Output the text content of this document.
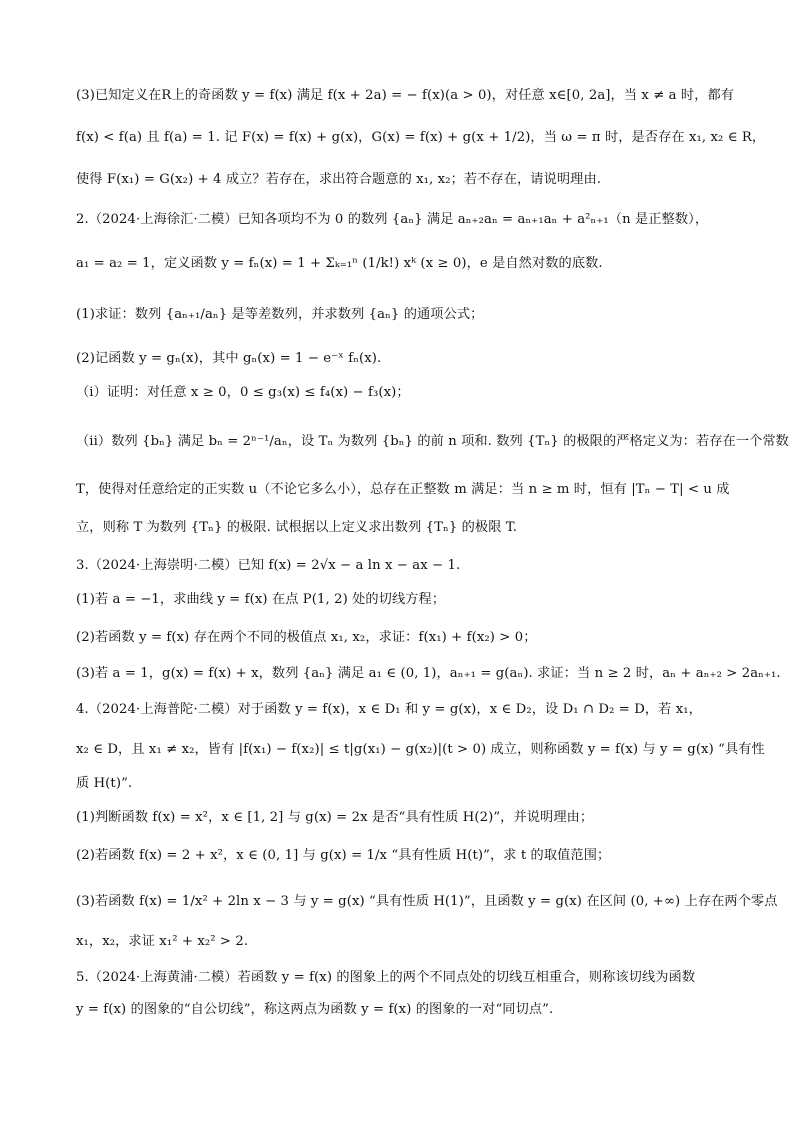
(3)已知定义在R上的奇函数 y = f(x) 满足 f(x + 2a) = − f(x)(a > 0)，对任意 x∈[0, 2a]，当 x ≠ a 时，都有
f(x) < f(a) 且 f(a) = 1. 记 F(x) = f(x) + g(x)，G(x) = f(x) + g(x + 1/2)，当 ω = π 时，是否存在 x₁, x₂ ∈ R，
使得 F(x₁) = G(x₂) + 4 成立？若存在，求出符合题意的 x₁, x₂；若不存在，请说明理由.
2.（2024·上海徐汇·二模）已知各项均不为 0 的数列 {aₙ} 满足 aₙ₊₂aₙ = aₙ₊₁aₙ + a²ₙ₊₁（n 是正整数），
a₁ = a₂ = 1，定义函数 y = fₙ(x) = 1 + Σₖ₌₁ⁿ (1/k!) xᵏ (x ≥ 0)，e 是自然对数的底数.
(1)求证：数列 {aₙ₊₁/aₙ} 是等差数列，并求数列 {aₙ} 的通项公式；
(2)记函数 y = gₙ(x)，其中 gₙ(x) = 1 − e⁻ˣ fₙ(x).
（i）证明：对任意 x ≥ 0，0 ≤ g₃(x) ≤ f₄(x) − f₃(x)；
（ii）数列 {bₙ} 满足 bₙ = 2ⁿ⁻¹/aₙ，设 Tₙ 为数列 {bₙ} 的前 n 项和. 数列 {Tₙ} 的极限的严格定义为：若存在一个常数
T，使得对任意给定的正实数 u（不论它多么小），总存在正整数 m 满足：当 n ≥ m 时，恒有 |Tₙ − T| < u 成
立，则称 T 为数列 {Tₙ} 的极限. 试根据以上定义求出数列 {Tₙ} 的极限 T.
3.（2024·上海崇明·二模）已知 f(x) = 2√x − a ln x − ax − 1.
(1)若 a = −1，求曲线 y = f(x) 在点 P(1, 2) 处的切线方程；
(2)若函数 y = f(x) 存在两个不同的极值点 x₁, x₂，求证：f(x₁) + f(x₂) > 0；
(3)若 a = 1，g(x) = f(x) + x，数列 {aₙ} 满足 a₁ ∈ (0, 1)，aₙ₊₁ = g(aₙ). 求证：当 n ≥ 2 时，aₙ + aₙ₊₂ > 2aₙ₊₁.
4.（2024·上海普陀·二模）对于函数 y = f(x)，x ∈ D₁ 和 y = g(x)，x ∈ D₂，设 D₁ ∩ D₂ = D，若 x₁，
x₂ ∈ D，且 x₁ ≠ x₂，皆有 |f(x₁) − f(x₂)| ≤ t|g(x₁) − g(x₂)|(t > 0) 成立，则称函数 y = f(x) 与 y = g(x) “具有性
质 H(t)”.
(1)判断函数 f(x) = x²，x ∈ [1, 2] 与 g(x) = 2x 是否“具有性质 H(2)”，并说明理由；
(2)若函数 f(x) = 2 + x²，x ∈ (0, 1] 与 g(x) = 1/x “具有性质 H(t)”，求 t 的取值范围；
(3)若函数 f(x) = 1/x² + 2ln x − 3 与 y = g(x) “具有性质 H(1)”，且函数 y = g(x) 在区间 (0, +∞) 上存在两个零点
x₁，x₂，求证 x₁² + x₂² > 2.
5.（2024·上海黄浦·二模）若函数 y = f(x) 的图象上的两个不同点处的切线互相重合，则称该切线为函数
y = f(x) 的图象的“自公切线”，称这两点为函数 y = f(x) 的图象的一对“同切点”.
